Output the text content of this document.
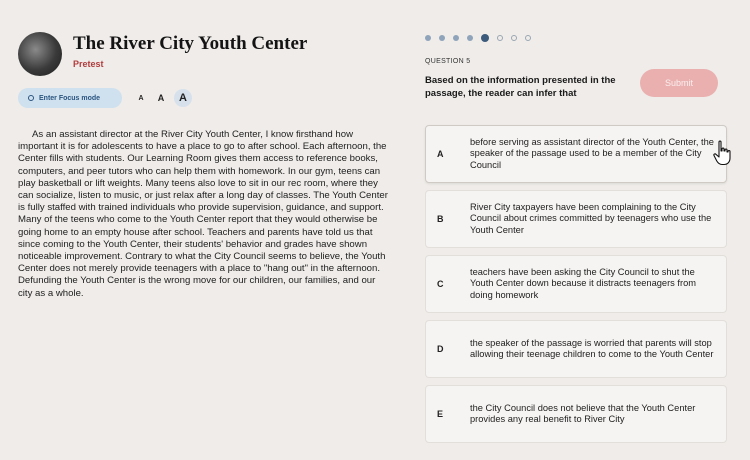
The River City Youth Center
Pretest
Enter Focus mode	A	A	A

As an assistant director at the River City Youth Center, I know firsthand how important it is for adolescents to have a place to go to after school. Each afternoon, the Center fills with students. Our Learning Room gives them access to reference books, computers, and peer tutors who can help them with homework. In our gym, teens can play basketball or lift weights. Many teens also love to sit in our rec room, where they can socialize, listen to music, or just relax after a long day of classes. The Youth Center is fully staffed with trained individuals who provide supervision, guidance, and support. Many of the teens who come to the Youth Center report that they would otherwise be going home to an empty house after school. Teachers and parents have told us that since coming to the Youth Center, their students' behavior and grades have shown noticeable improvement. Contrary to what the City Council seems to believe, the Youth Center does not merely provide teenagers with a place to "hang out" in the afternoon. Defunding the Youth Center is the wrong move for our children, our families, and our city as a whole.

QUESTION 5
Based on the information presented in the passage, the reader can infer that
Submit
A
before serving as assistant director of the Youth Center, the speaker of the passage used to be a member of the City Council
B
River City taxpayers have been complaining to the City Council about crimes committed by teenagers who use the Youth Center
C
teachers have been asking the City Council to shut the Youth Center down because it distracts teenagers from doing homework
D
the speaker of the passage is worried that parents will stop allowing their teenage children to come to the Youth Center
E
the City Council does not believe that the Youth Center provides any real benefit to River City
